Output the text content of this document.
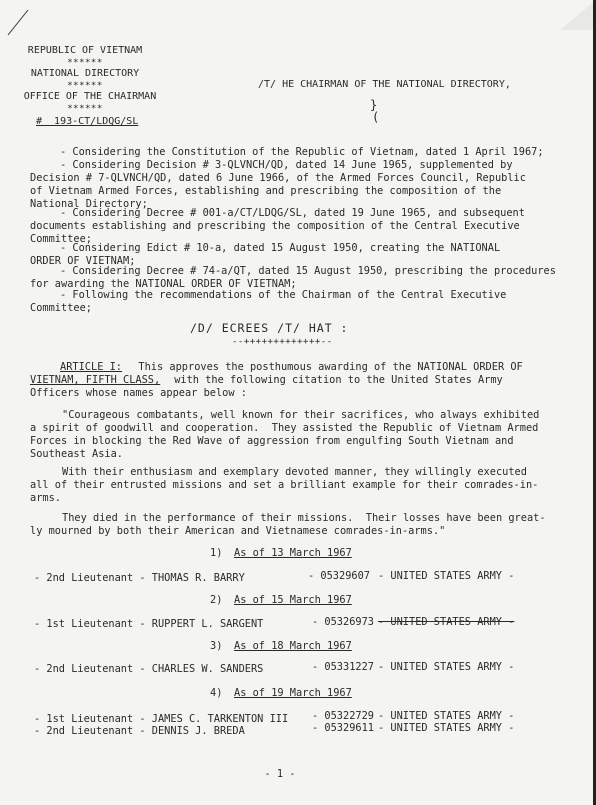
REPUBLIC OF VIETNAM
******
NATIONAL DIRECTORY
******
OFFICE OF THE CHAIRMAN
******
#  193-CT/LDQG/SL
/T/ HE CHAIRMAN OF THE NATIONAL DIRECTORY,
}
(
- Considering the Constitution of the Republic of Vietnam, dated 1 April 1967;
- Considering Decision # 3-QLVNCH/QD, dated 14 June 1965, supplemented by
Decision # 7-QLVNCH/QD, dated 6 June 1966, of the Armed Forces Council, Republic
of Vietnam Armed Forces, establishing and prescribing the composition of the
National Directory;
- Considering Decree # 001-a/CT/LDQG/SL, dated 19 June 1965, and subsequent
documents establishing and prescribing the composition of the Central Executive
Committee;
- Considering Edict # 10-a, dated 15 August 1950, creating the NATIONAL
ORDER OF VIETNAM;
- Considering Decree # 74-a/QT, dated 15 August 1950, prescribing the procedures
for awarding the NATIONAL ORDER OF VIETNAM;
- Following the recommendations of the Chairman of the Central Executive
Committee;
/D/ ECREES /T/ HAT :
--+++++++++++++--
ARTICLE I: This approves the posthumous awarding of the NATIONAL ORDER OF
VIETNAM, FIFTH CLASS, with the following citation to the United States Army
Officers whose names appear below :
"Courageous combatants, well known for their sacrifices, who always exhibited
a spirit of goodwill and cooperation.  They assisted the Republic of Vietnam Armed
Forces in blocking the Red Wave of aggression from engulfing South Vietnam and
Southeast Asia.
With their enthusiasm and exemplary devoted manner, they willingly executed
all of their entrusted missions and set a brilliant example for their comrades-in-
arms.
They died in the performance of their missions.  Their losses have been great-
ly mourned by both their American and Vietnamese comrades-in-arms."
1) As of 13 March 1967
- 2nd Lieutenant - THOMAS R. BARRY	- 05329607 - UNITED STATES ARMY -
2) As of 15 March 1967
- 1st Lieutenant - RUPPERT L. SARGENT	- 05326973 - UNITED STATES ARMY -
3) As of 18 March 1967
- 2nd Lieutenant - CHARLES W. SANDERS	- 05331227 - UNITED STATES ARMY -
4) As of 19 March 1967
- 1st Lieutenant - JAMES C. TARKENTON III - 05322729 - UNITED STATES ARMY -
- 2nd Lieutenant - DENNIS J. BREDA	- 05329611 - UNITED STATES ARMY -
- 1 -
